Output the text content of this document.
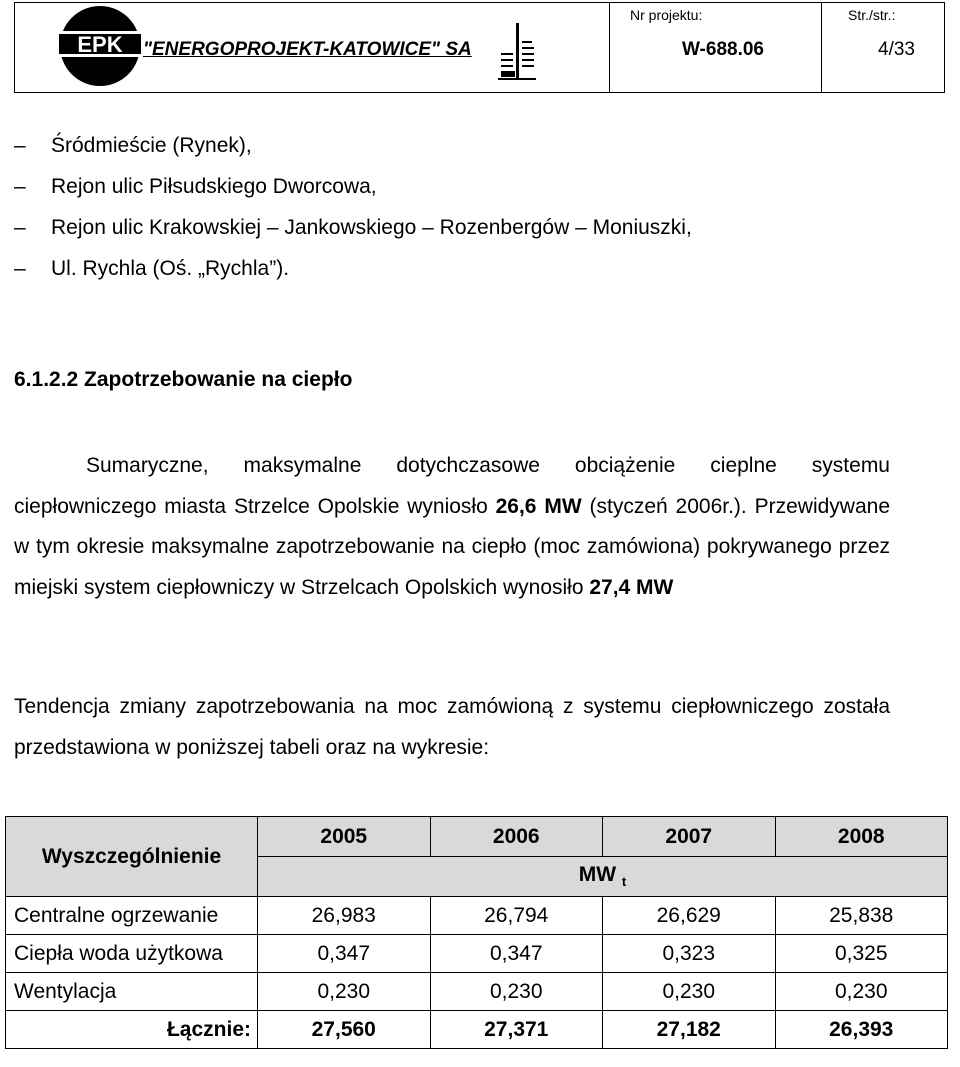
EPK "ENERGOPROJEKT-KATOWICE" SA
Nr projektu:
W-688.06
Str./str.:
4/33
– Śródmieście (Rynek),
– Rejon ulic Piłsudskiego Dworcowa,
– Rejon ulic Krakowskiej – Jankowskiego – Rozenbergów – Moniuszki,
– Ul. Rychla (Oś. „Rychla”).
6.1.2.2 Zapotrzebowanie na ciepło

Sumaryczne, maksymalne dotychczasowe obciążenie cieplne systemu ciepłowniczego miasta Strzelce Opolskie wyniosło 26,6 MW (styczeń 2006r.). Przewidywane w tym okresie maksymalne zapotrzebowanie na ciepło (moc zamówiona) pokrywanego przez miejski system ciepłowniczy w Strzelcach Opolskich wynosiło 27,4 MW

Tendencja zmiany zapotrzebowania na moc zamówioną z systemu ciepłowniczego została przedstawiona w poniższej tabeli oraz na wykresie:

Wyszczególnienie	2005	2006	2007	2008
	MW $_t$
Centralne ogrzewanie	26,983	26,794	26,629	25,838
Ciepła woda użytkowa	0,347	0,347	0,323	0,325
Wentylacja	0,230	0,230	0,230	0,230
Łącznie:	27,560	27,371	27,182	26,393
